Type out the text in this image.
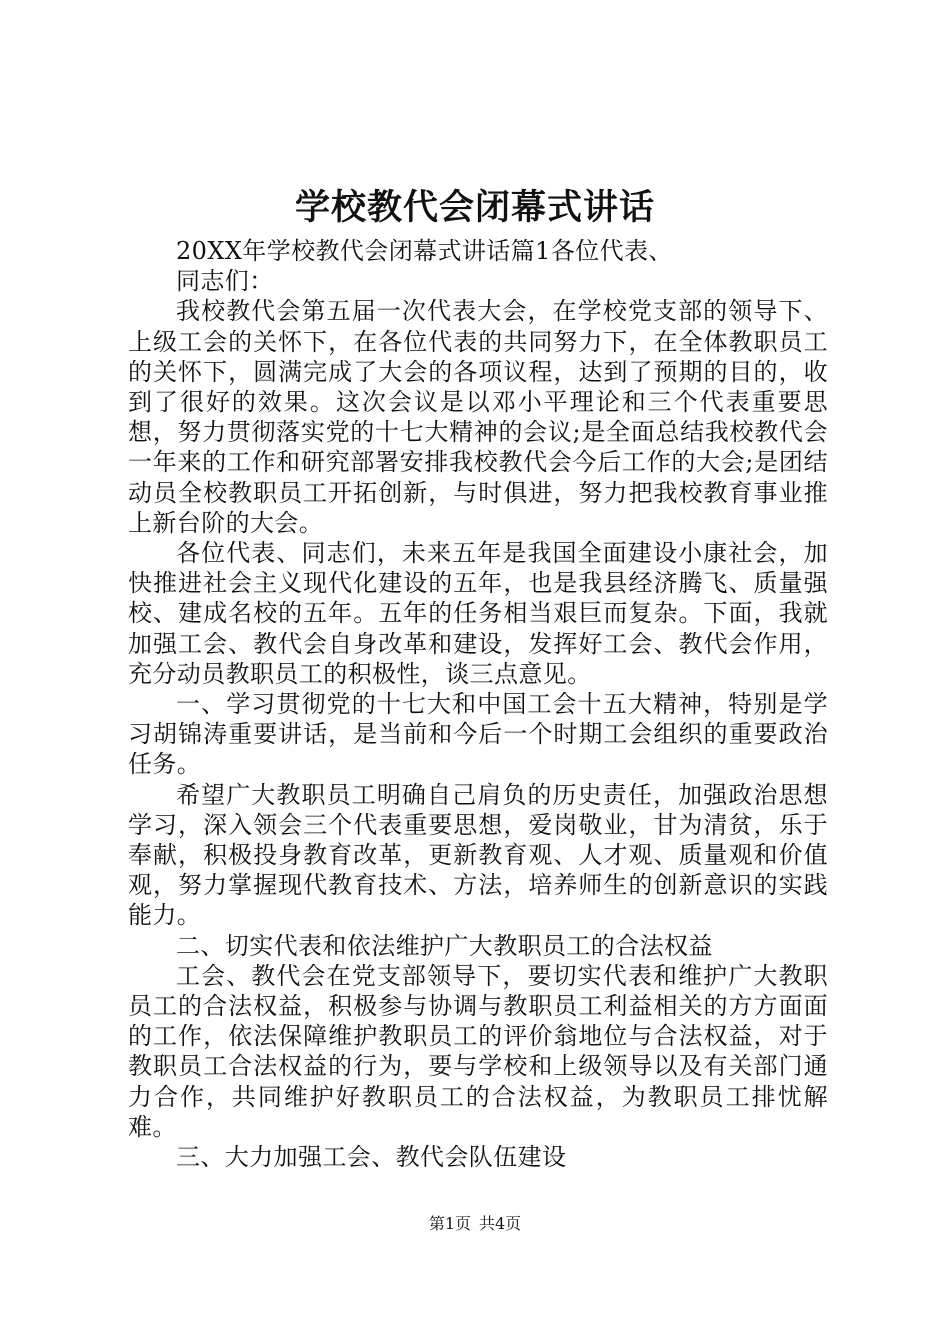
学校教代会闭幕式讲话

20XX年学校教代会闭幕式讲话篇1各位代表、

同志们：

我校教代会第五届一次代表大会，在学校党支部的领导下、上级工会的关怀下，在各位代表的共同努力下，在全体教职员工的关怀下，圆满完成了大会的各项议程，达到了预期的目的，收到了很好的效果。这次会议是以邓小平理论和三个代表重要思想，努力贯彻落实党的十七大精神的会议;是全面总结我校教代会一年来的工作和研究部署安排我校教代会今后工作的大会;是团结动员全校教职员工开拓创新，与时俱进，努力把我校教育事业推上新台阶的大会。

各位代表、同志们，未来五年是我国全面建设小康社会，加快推进社会主义现代化建设的五年，也是我县经济腾飞、质量强校、建成名校的五年。五年的任务相当艰巨而复杂。下面，我就加强工会、教代会自身改革和建设，发挥好工会、教代会作用，充分动员教职员工的积极性，谈三点意见。

一、学习贯彻党的十七大和中国工会十五大精神，特别是学习胡锦涛重要讲话，是当前和今后一个时期工会组织的重要政治任务。

希望广大教职员工明确自己肩负的历史责任，加强政治思想学习，深入领会三个代表重要思想，爱岗敬业，甘为清贫，乐于奉献，积极投身教育改革，更新教育观、人才观、质量观和价值观，努力掌握现代教育技术、方法，培养师生的创新意识的实践能力。

二、切实代表和依法维护广大教职员工的合法权益

工会、教代会在党支部领导下，要切实代表和维护广大教职员工的合法权益，积极参与协调与教职员工利益相关的方方面面的工作，依法保障维护教职员工的评价翁地位与合法权益，对于教职员工合法权益的行为，要与学校和上级领导以及有关部门通力合作，共同维护好教职员工的合法权益，为教职员工排忧解难。

三、大力加强工会、教代会队伍建设

第1页 共4页
